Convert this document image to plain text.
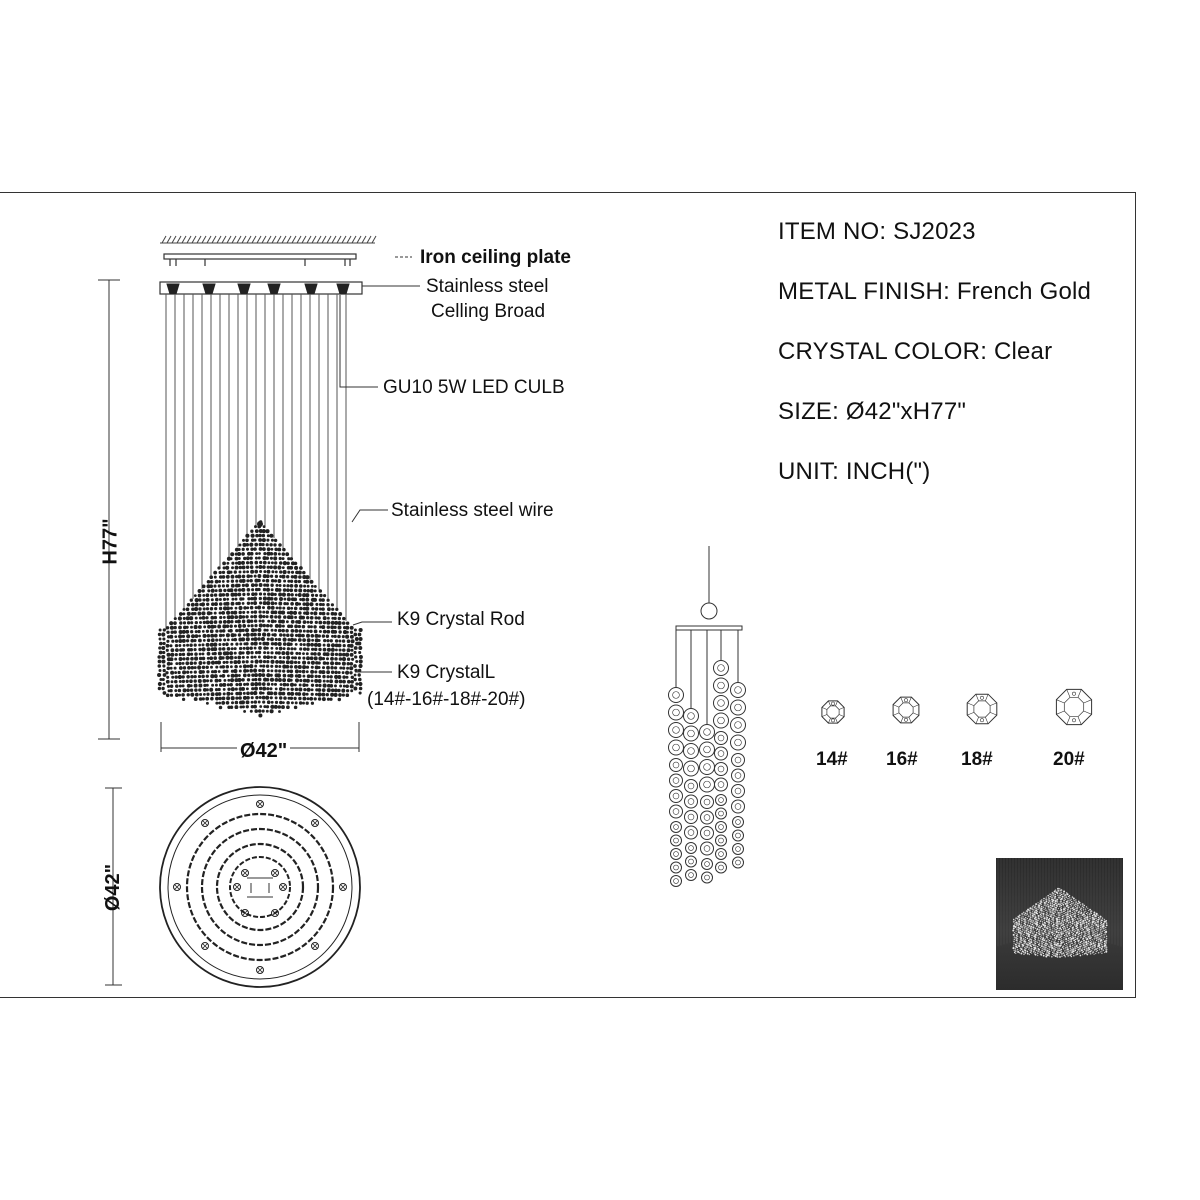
ITEM NO: SJ2023
METAL FINISH: French Gold
CRYSTAL COLOR: Clear
SIZE: Ø42"xH77"
UNIT: INCH(")
Iron ceiling plate
Stainless steel
Celling Broad
GU10 5W LED CULB
Stainless steel wire
K9 Crystal Rod
K9 CrystalL
(14#-16#-18#-20#)
H77"
Ø42"
Ø42"
14# 16# 18#	20#
